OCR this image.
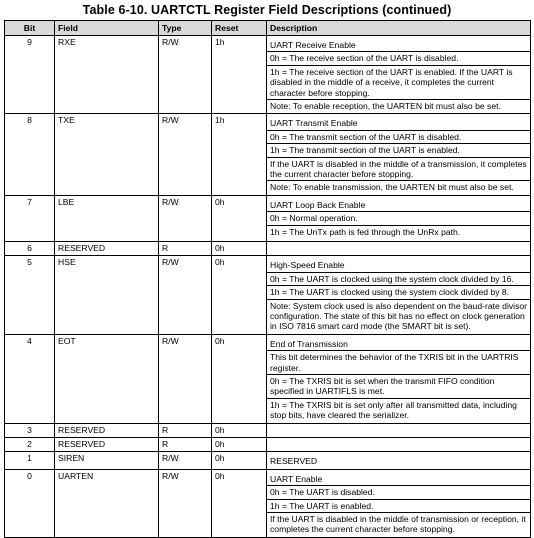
Table 6-10. UARTCTL Register Field Descriptions (continued)
Bit	Field	Type	Reset	Description
9	RXE	R/W	1h	UART Receive Enable
0h = The receive section of the UART is disabled.
1h = The receive section of the UART is enabled. If the UART is disabled in the middle of a receive, it completes the current character before stopping.
Note: To enable reception, the UARTEN bit must also be set.

8	TXE	R/W	1h	UART Transmit Enable
0h = The transmit section of the UART is disabled.
1h = The transmit section of the UART is enabled.
If the UART is disabled in the middle of a transmission, it completes the current character before stopping.
Note: To enable transmission, the UARTEN bit must also be set.

7	LBE	R/W	0h	UART Loop Back Enable
0h = Normal operation.
1h = The UnTx path is fed through the UnRx path.

6	RESERVED	R	0h	
5	HSE	R/W	0h	High-Speed Enable
0h = The UART is clocked using the system clock divided by 16.
1h = The UART is clocked using the system clock divided by 8.
Note: System clock used is also dependent on the baud-rate divisor configuration. The state of this bit has no effect on clock generation in ISO 7816 smart card mode (the SMART bit is set).

4	EOT	R/W	0h	End of Transmission
This bit determines the behavior of the TXRIS bit in the UARTRIS register.
0h = The TXRIS bit is set when the transmit FIFO condition specified in UARTIFLS is met.
1h = The TXRIS bit is set only after all transmitted data, including stop bits, have cleared the serializer.

3	RESERVED	R	0h	
2	RESERVED	R	0h	
1	SIREN	R/W	0h	RESERVED

0	UARTEN	R/W	0h	UART Enable
0h = The UART is disabled.
1h = The UART is enabled.
If the UART is disabled in the middle of transmission or reception, it completes the current character before stopping.
